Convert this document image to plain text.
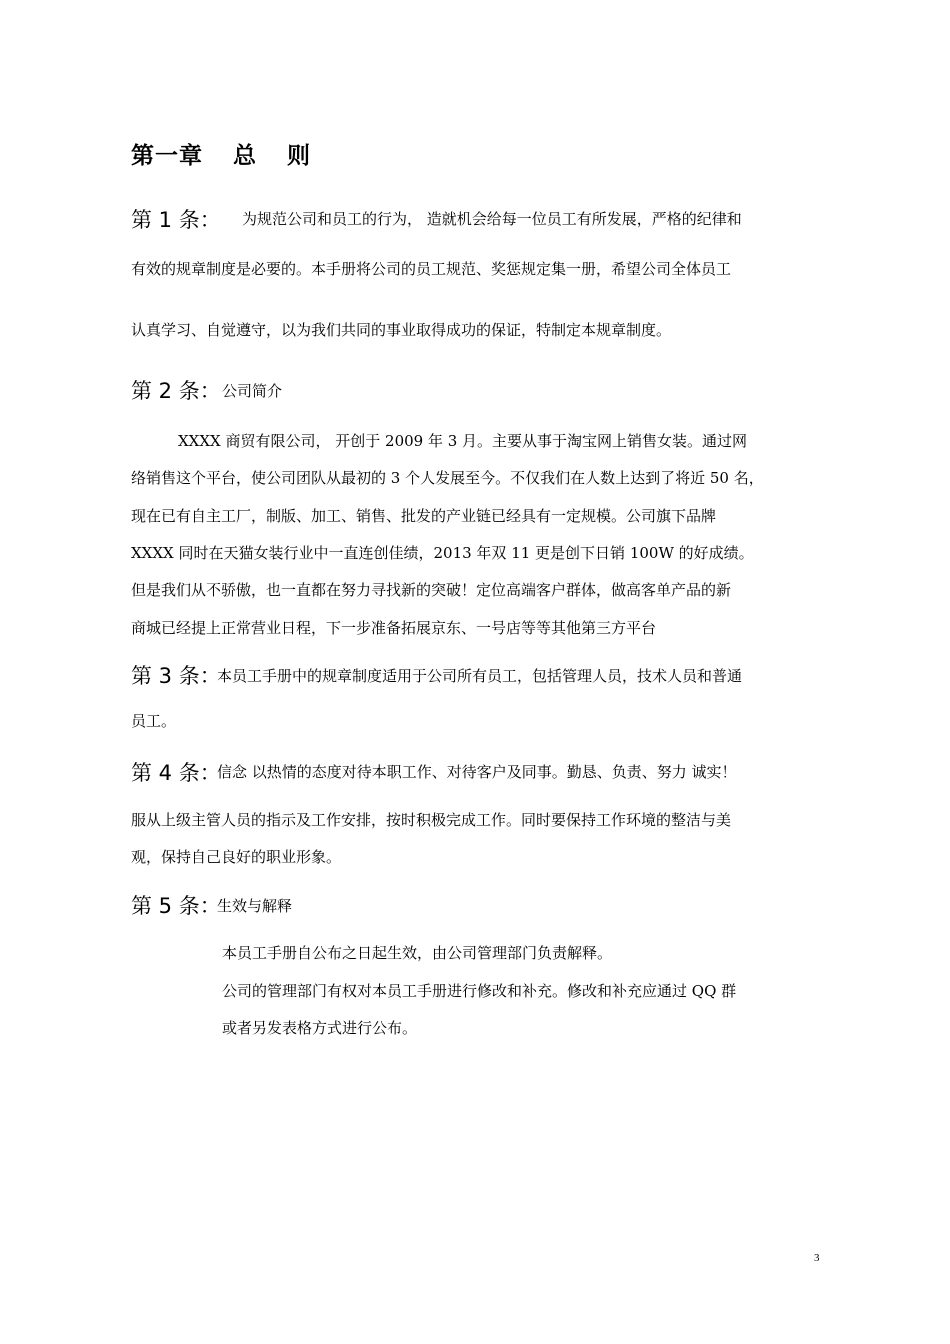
第一章 总 则
第 1 条： 为规范公司和员工的行为， 造就机会给每一位员工有所发展，严格的纪律和
有效的规章制度是必要的。本手册将公司的员工规范、奖惩规定集一册，希望公司全体员工
认真学习、自觉遵守，以为我们共同的事业取得成功的保证，特制定本规章制度。
第 2 条： 公司简介
XXXX 商贸有限公司， 开创于 2009 年 3 月。主要从事于淘宝网上销售女装。通过网
络销售这个平台，使公司团队从最初的 3 个人发展至今。不仅我们在人数上达到了将近 50 名，
现在已有自主工厂，制版、加工、销售、批发的产业链已经具有一定规模。公司旗下品牌
XXXX 同时在天猫女装行业中一直连创佳绩，2013 年双 11 更是创下日销 100W 的好成绩。
但是我们从不骄傲，也一直都在努力寻找新的突破！定位高端客户群体，做高客单产品的新
商城已经提上正常营业日程，下一步准备拓展京东、一号店等等其他第三方平台
第 3 条：
本员工手册中的规章制度适用于公司所有员工，包括管理人员，技术人员和普通
员工。
第 4 条：
信念 以热情的态度对待本职工作、对待客户及同事。勤恳、负责、努力 诚实！
服从上级主管人员的指示及工作安排，按时积极完成工作。同时要保持工作环境的整洁与美
观，保持自己良好的职业形象。
第 5 条：
生效与解释
本员工手册自公布之日起生效，由公司管理部门负责解释。
公司的管理部门有权对本员工手册进行修改和补充。修改和补充应通过 QQ 群
或者另发表格方式进行公布。
3
